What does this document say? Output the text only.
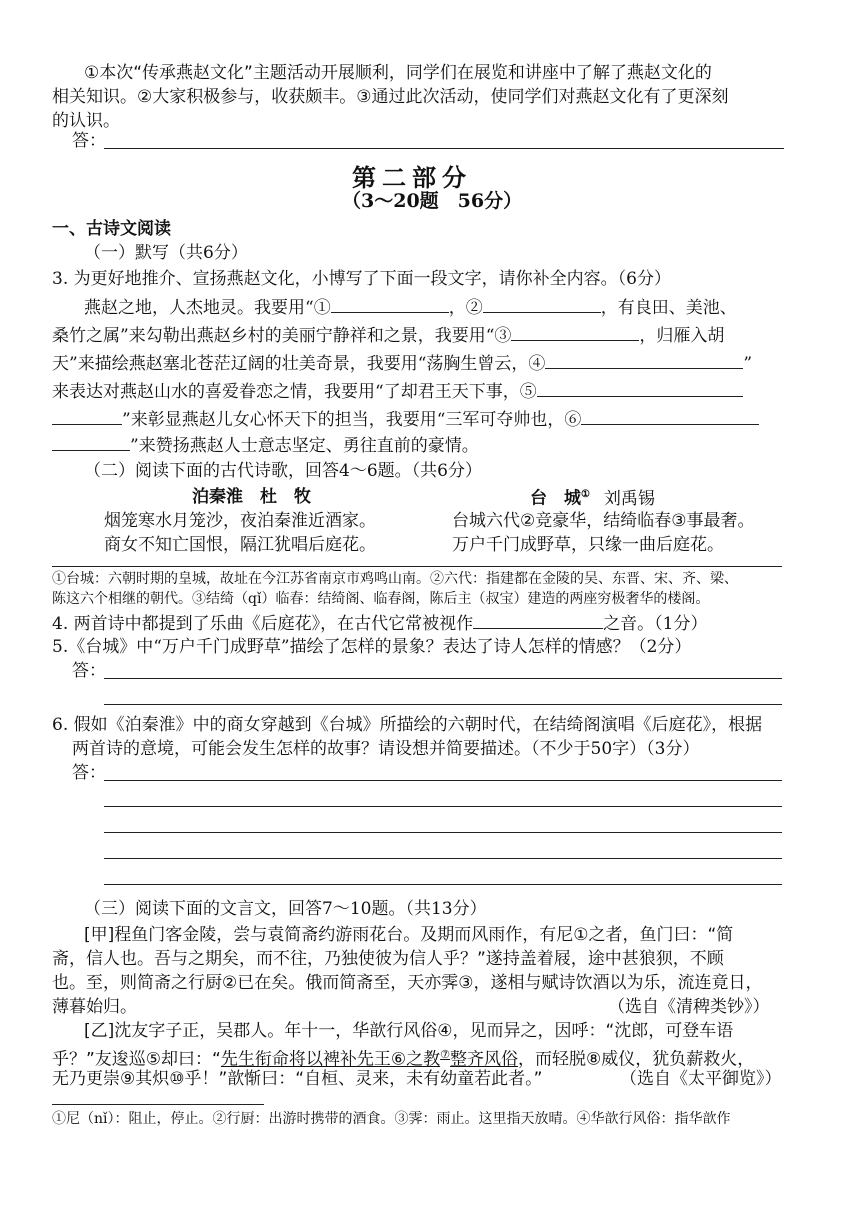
①本次“传承燕赵文化”主题活动开展顺利，同学们在展览和讲座中了解了燕赵文化的
相关知识。②大家积极参与，收获颇丰。③通过此次活动，使同学们对燕赵文化有了更深刻
的认识。
答：
第二部分
（3～20题　56分）
一、古诗文阅读
（一）默写（共6分）
3. 为更好地推介、宣扬燕赵文化，小博写了下面一段文字，请你补全内容。（6分）
燕赵之地，人杰地灵。我要用“①	，②	，有良田、美池、
桑竹之属”来勾勒出燕赵乡村的美丽宁静祥和之景，我要用“③	，归雁入胡
天”来描绘燕赵塞北苍茫辽阔的壮美奇景，我要用“荡胸生曾云，④	”
来表达对燕赵山水的喜爱眷恋之情，我要用“了却君王天下事，⑤
”来彰显燕赵儿女心怀天下的担当，我要用“三军可夺帅也，⑥
”来赞扬燕赵人士意志坚定、勇往直前的豪情。
（二）阅读下面的古代诗歌，回答4～6题。（共6分）
泊秦淮　杜　牧
烟笼寒水月笼沙，夜泊秦淮近酒家。
商女不知亡国恨，隔江犹唱后庭花。
台　城① 刘禹锡
台城六代②竞豪华，结绮临春③事最奢。
万户千门成野草，只缘一曲后庭花。
①台城：六朝时期的皇城，故址在今江苏省南京市鸡鸣山南。②六代：指建都在金陵的吴、东晋、宋、齐、梁、
陈这六个相继的朝代。③结绮（qǐ）临春：结绮阁、临春阁，陈后主（叔宝）建造的两座穷极奢华的楼阁。
4. 两首诗中都提到了乐曲《后庭花》，在古代它常被视作	之音。（1分）
5.《台城》中“万户千门成野草”描绘了怎样的景象？表达了诗人怎样的情感？（2分）
答：
6. 假如《泊秦淮》中的商女穿越到《台城》所描绘的六朝时代，在结绮阁演唱《后庭花》，根据
两首诗的意境，可能会发生怎样的故事？请设想并简要描述。（不少于50字）（3分）
答：
（三）阅读下面的文言文，回答7～10题。（共13分）
[甲]程鱼门客金陵，尝与袁简斋约游雨花台。及期而风雨作，有尼①之者，鱼门曰：“简
斋，信人也。吾与之期矣，而不往，乃独使彼为信人乎？”遂持盖着屐，途中甚狼狈，不顾
也。至，则简斋之行厨②已在矣。俄而简斋至，天亦霁③，遂相与赋诗饮酒以为乐，流连竟日，
薄暮始归。	（选自《清稗类钞》）
[乙]沈友字子正，吴郡人。年十一，华歆行风俗④，见而异之，因呼：“沈郎，可登车语
乎？”友逡巡⑤却曰：“先生衔命将以裨补先王⑥之教⑦整齐风俗，而轻脱⑧威仪，犹负薪救火，
无乃更崇⑨其炽⑩乎！”歆惭曰：“自桓、灵来，未有幼童若此者。”	（选自《太平御览》）
①尼（nǐ）：阻止，停止。②行厨：出游时携带的酒食。③霁：雨止。这里指天放晴。④华歆行风俗：指华歆作
